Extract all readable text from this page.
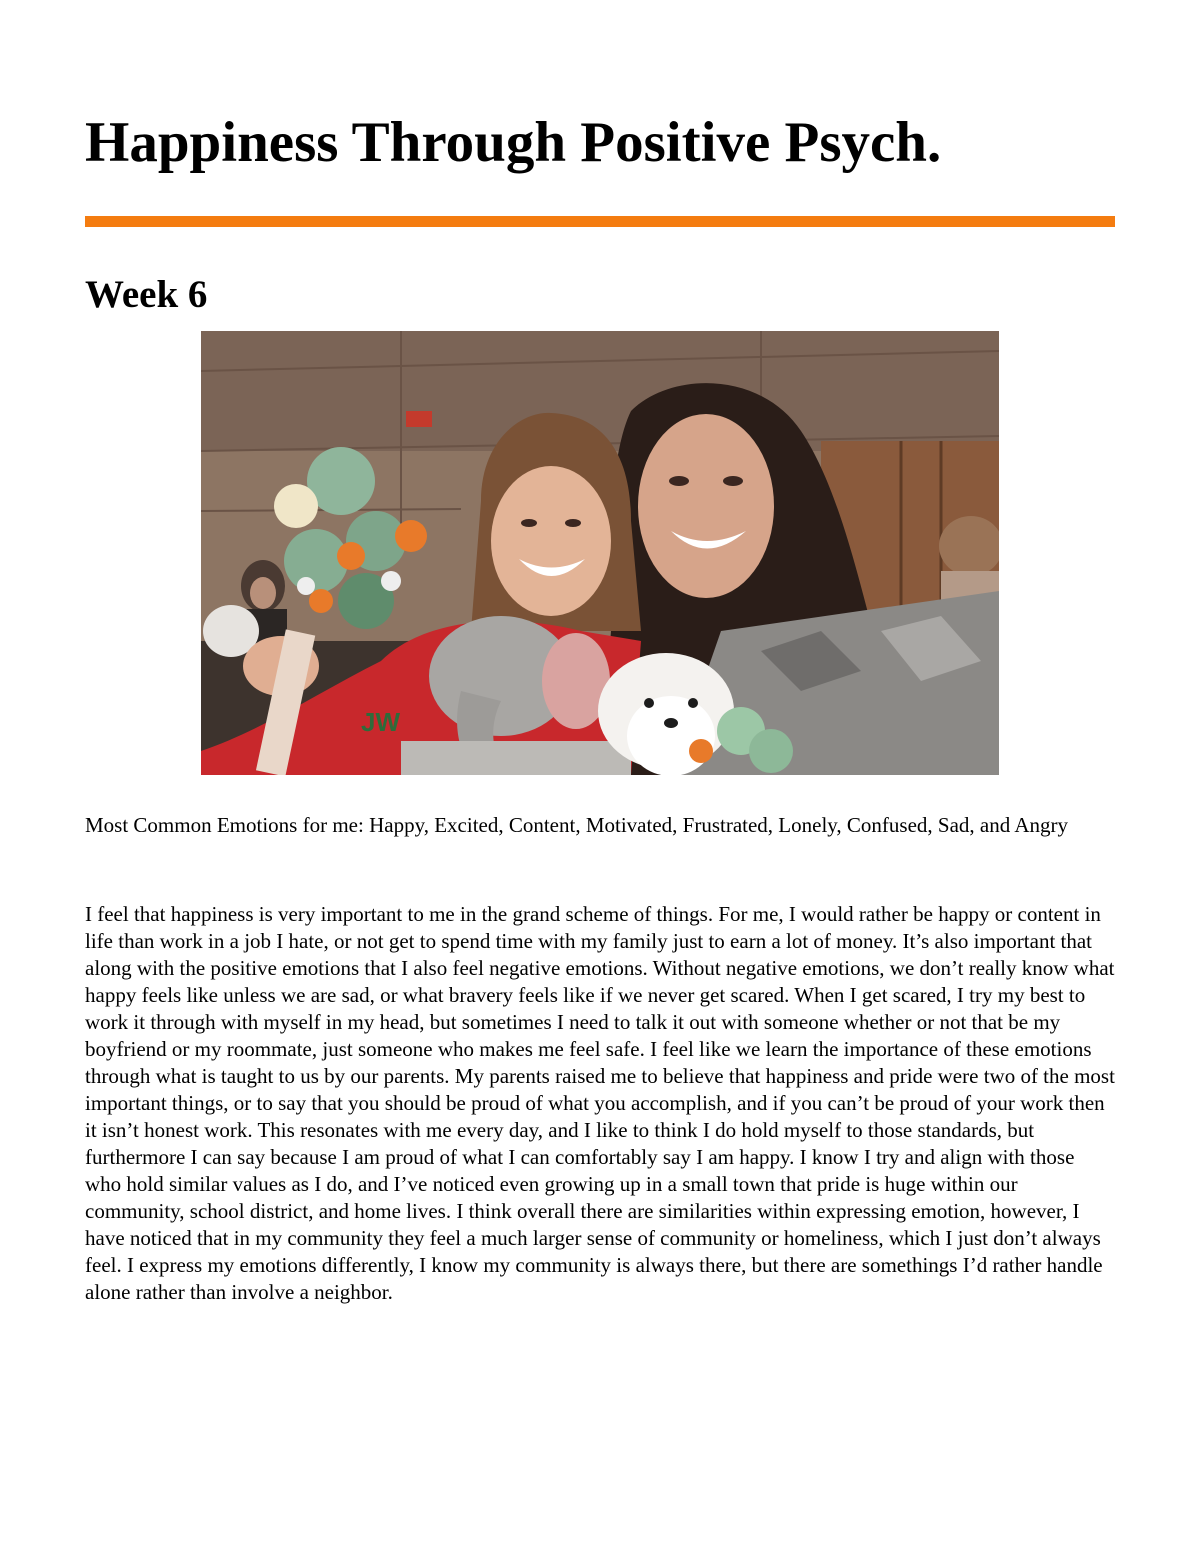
Happiness Through Positive Psych.
Week 6
JW

Most Common Emotions for me: Happy, Excited, Content, Motivated, Frustrated, Lonely, Confused, Sad, and Angry

I feel that happiness is very important to me in the grand scheme of things. For me, I would rather be happy or content in life than work in a job I hate, or not get to spend time with my family just to earn a lot of money. It’s also important that along with the positive emotions that I also feel negative emotions. Without negative emotions, we don’t really know what happy feels like unless we are sad, or what bravery feels like if we never get scared. When I get scared, I try my best to work it through with myself in my head, but sometimes I need to talk it out with someone whether or not that be my boyfriend or my roommate, just someone who makes me feel safe. I feel like we learn the importance of these emotions through what is taught to us by our parents. My parents raised me to believe that happiness and pride were two of the most important things, or to say that you should be proud of what you accomplish, and if you can’t be proud of your work then it isn’t honest work. This resonates with me every day, and I like to think I do hold myself to those standards, but furthermore I can say because I am proud of what I can comfortably say I am happy. I know I try and align with those who hold similar values as I do, and I’ve noticed even growing up in a small town that pride is huge within our community, school district, and home lives. I think overall there are similarities within expressing emotion, however, I have noticed that in my community they feel a much larger sense of community or homeliness, which I just don’t always feel. I express my emotions differently, I know my community is always there, but there are somethings I’d rather handle alone rather than involve a neighbor.
